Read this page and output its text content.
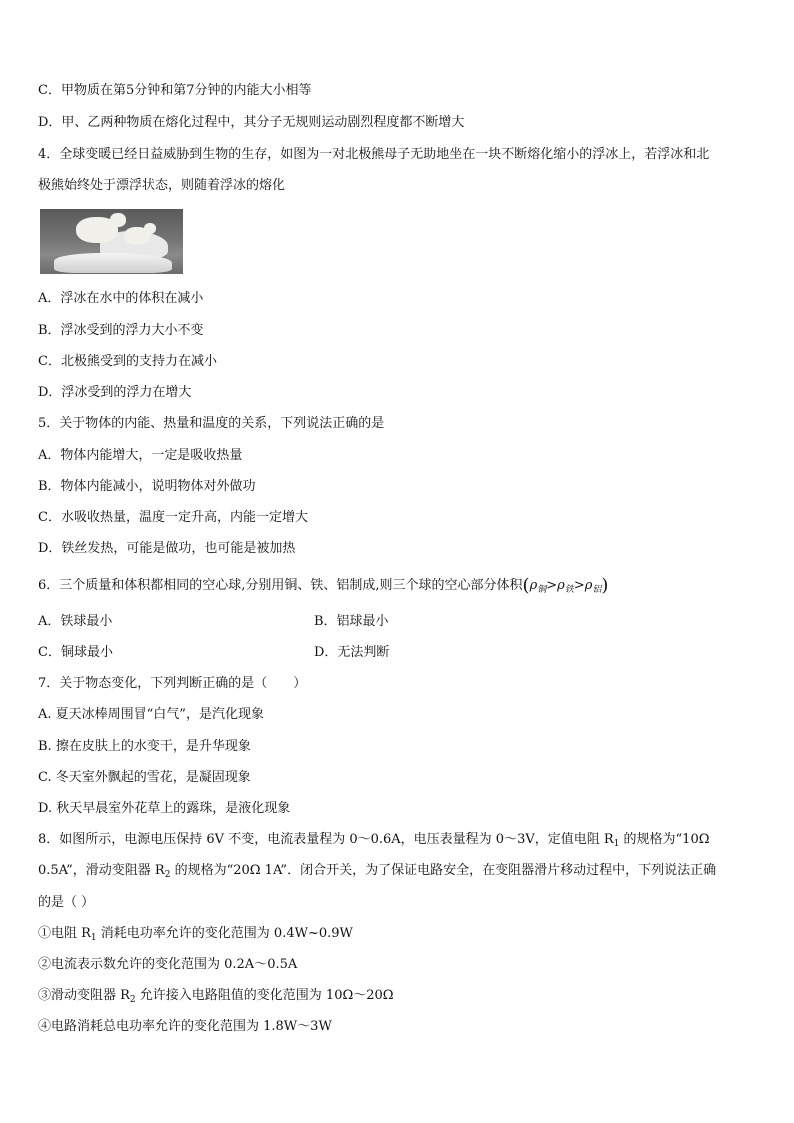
C．甲物质在第5分钟和第7分钟的内能大小相等
D．甲、乙两种物质在熔化过程中，其分子无规则运动剧烈程度都不断增大
4．全球变暖已经日益威胁到生物的生存，如图为一对北极熊母子无助地坐在一块不断熔化缩小的浮冰上，若浮冰和北
极熊始终处于漂浮状态，则随着浮冰的熔化
A．浮冰在水中的体积在减小
B．浮冰受到的浮力大小不变
C．北极熊受到的支持力在减小
D．浮冰受到的浮力在增大
5．关于物体的内能、热量和温度的关系，下列说法正确的是
A．物体内能增大，一定是吸收热量
B．物体内能减小，说明物体对外做功
C．水吸收热量，温度一定升高，内能一定增大
D．铁丝发热，可能是做功，也可能是被加热
6．三个质量和体积都相同的空心球,分别用铜、铁、铝制成,则三个球的空心部分体积$(\rho_铜>\rho_铁>\rho_铝)$
A．铁球最小	B．铝球最小
C．铜球最小	D．无法判断
7．关于物态变化，下列判断正确的是（　　）
A. 夏天冰棒周围冒“白气”，是汽化现象
B. 擦在皮肤上的水变干，是升华现象
C. 冬天室外飘起的雪花，是凝固现象
D. 秋天早晨室外花草上的露珠，是液化现象
8．如图所示，电源电压保持 6V 不变，电流表量程为 0～0.6A，电压表量程为 0～3V，定值电阻 $R_1$ 的规格为“10Ω
0.5A”，滑动变阻器 $R_2$ 的规格为“20Ω 1A”．闭合开关，为了保证电路安全，在变阻器滑片移动过程中，下列说法正确
的是（ ）
①电阻 $R_1$ 消耗电功率允许的变化范围为 0.4W~0.9W
②电流表示数允许的变化范围为 0.2A～0.5A
③滑动变阻器 $R_2$ 允许接入电路阻值的变化范围为 10Ω～20Ω
④电路消耗总电功率允许的变化范围为 1.8W～3W
